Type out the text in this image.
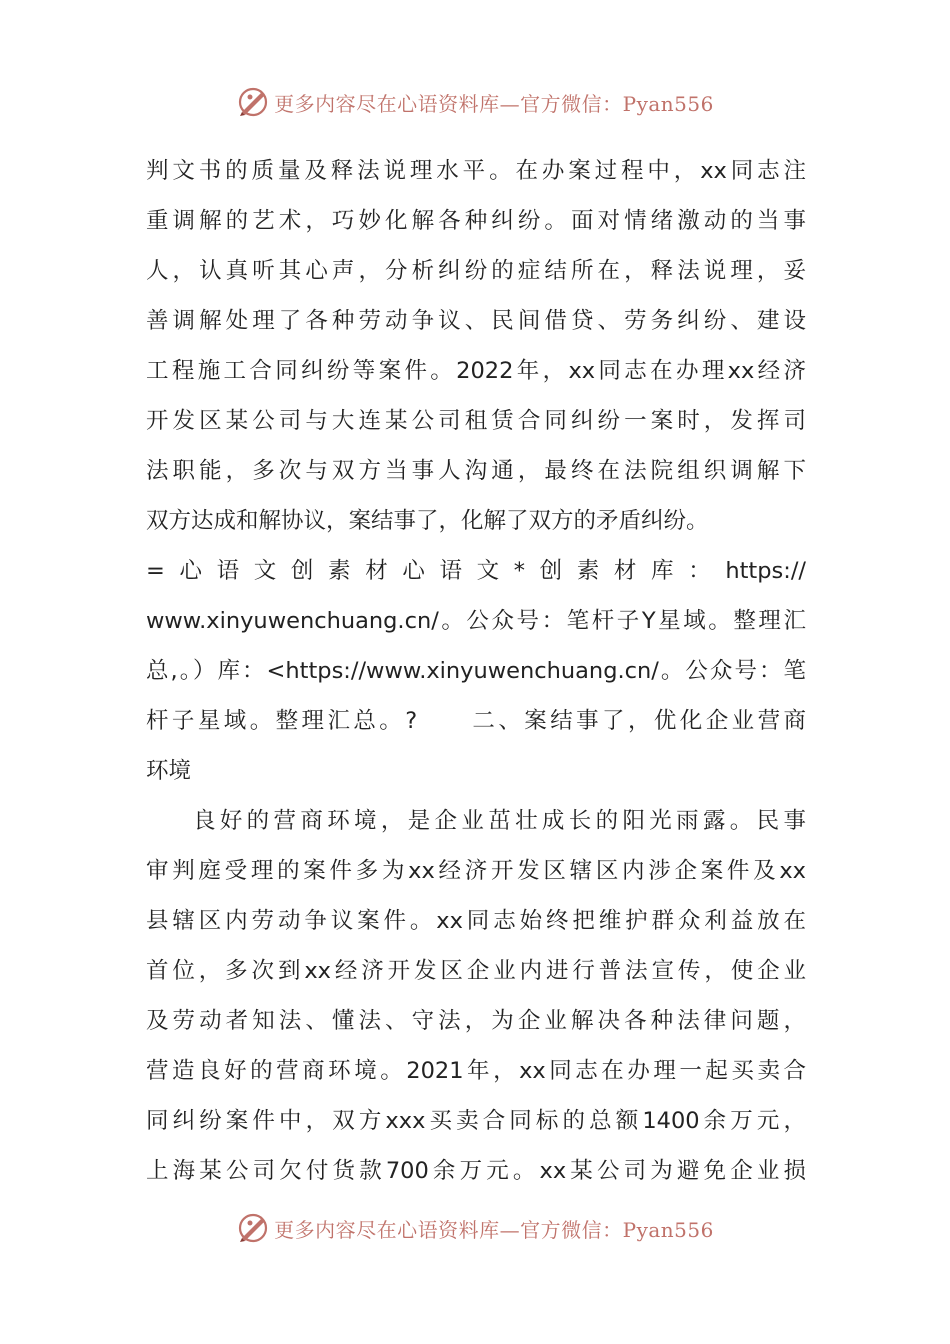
更多内容尽在心语资料库—官方微信：Pyan556
判文书的质量及释法说理水平。在办案过程中，xx同志注
重调解的艺术，巧妙化解各种纠纷。面对情绪激动的当事
人，认真听其心声，分析纠纷的症结所在，释法说理，妥
善调解处理了各种劳动争议、民间借贷、劳务纠纷、建设
工程施工合同纠纷等案件。2022年，xx同志在办理xx经济
开发区某公司与大连某公司租赁合同纠纷一案时，发挥司
法职能，多次与双方当事人沟通，最终在法院组织调解下
双方达成和解协议，案结事了，化解了双方的矛盾纠纷。
=心语文创素材心语文*创素材库：https://
www.xinyuwenchuang.cn/。公众号：笔杆子Y星域。整理汇
总,。）库：<https://www.xinyuwenchuang.cn/。公众号：笔
杆子星域。整理汇总。?　　二、案结事了，优化企业营商
环境
良好的营商环境，是企业茁壮成长的阳光雨露。民事
审判庭受理的案件多为xx经济开发区辖区内涉企案件及xx
县辖区内劳动争议案件。xx同志始终把维护群众利益放在
首位，多次到xx经济开发区企业内进行普法宣传，使企业
及劳动者知法、懂法、守法，为企业解决各种法律问题，
营造良好的营商环境。2021年，xx同志在办理一起买卖合
同纠纷案件中，双方xxx买卖合同标的总额1400余万元，
上海某公司欠付货款700余万元。xx某公司为避免企业损
更多内容尽在心语资料库—官方微信：Pyan556
